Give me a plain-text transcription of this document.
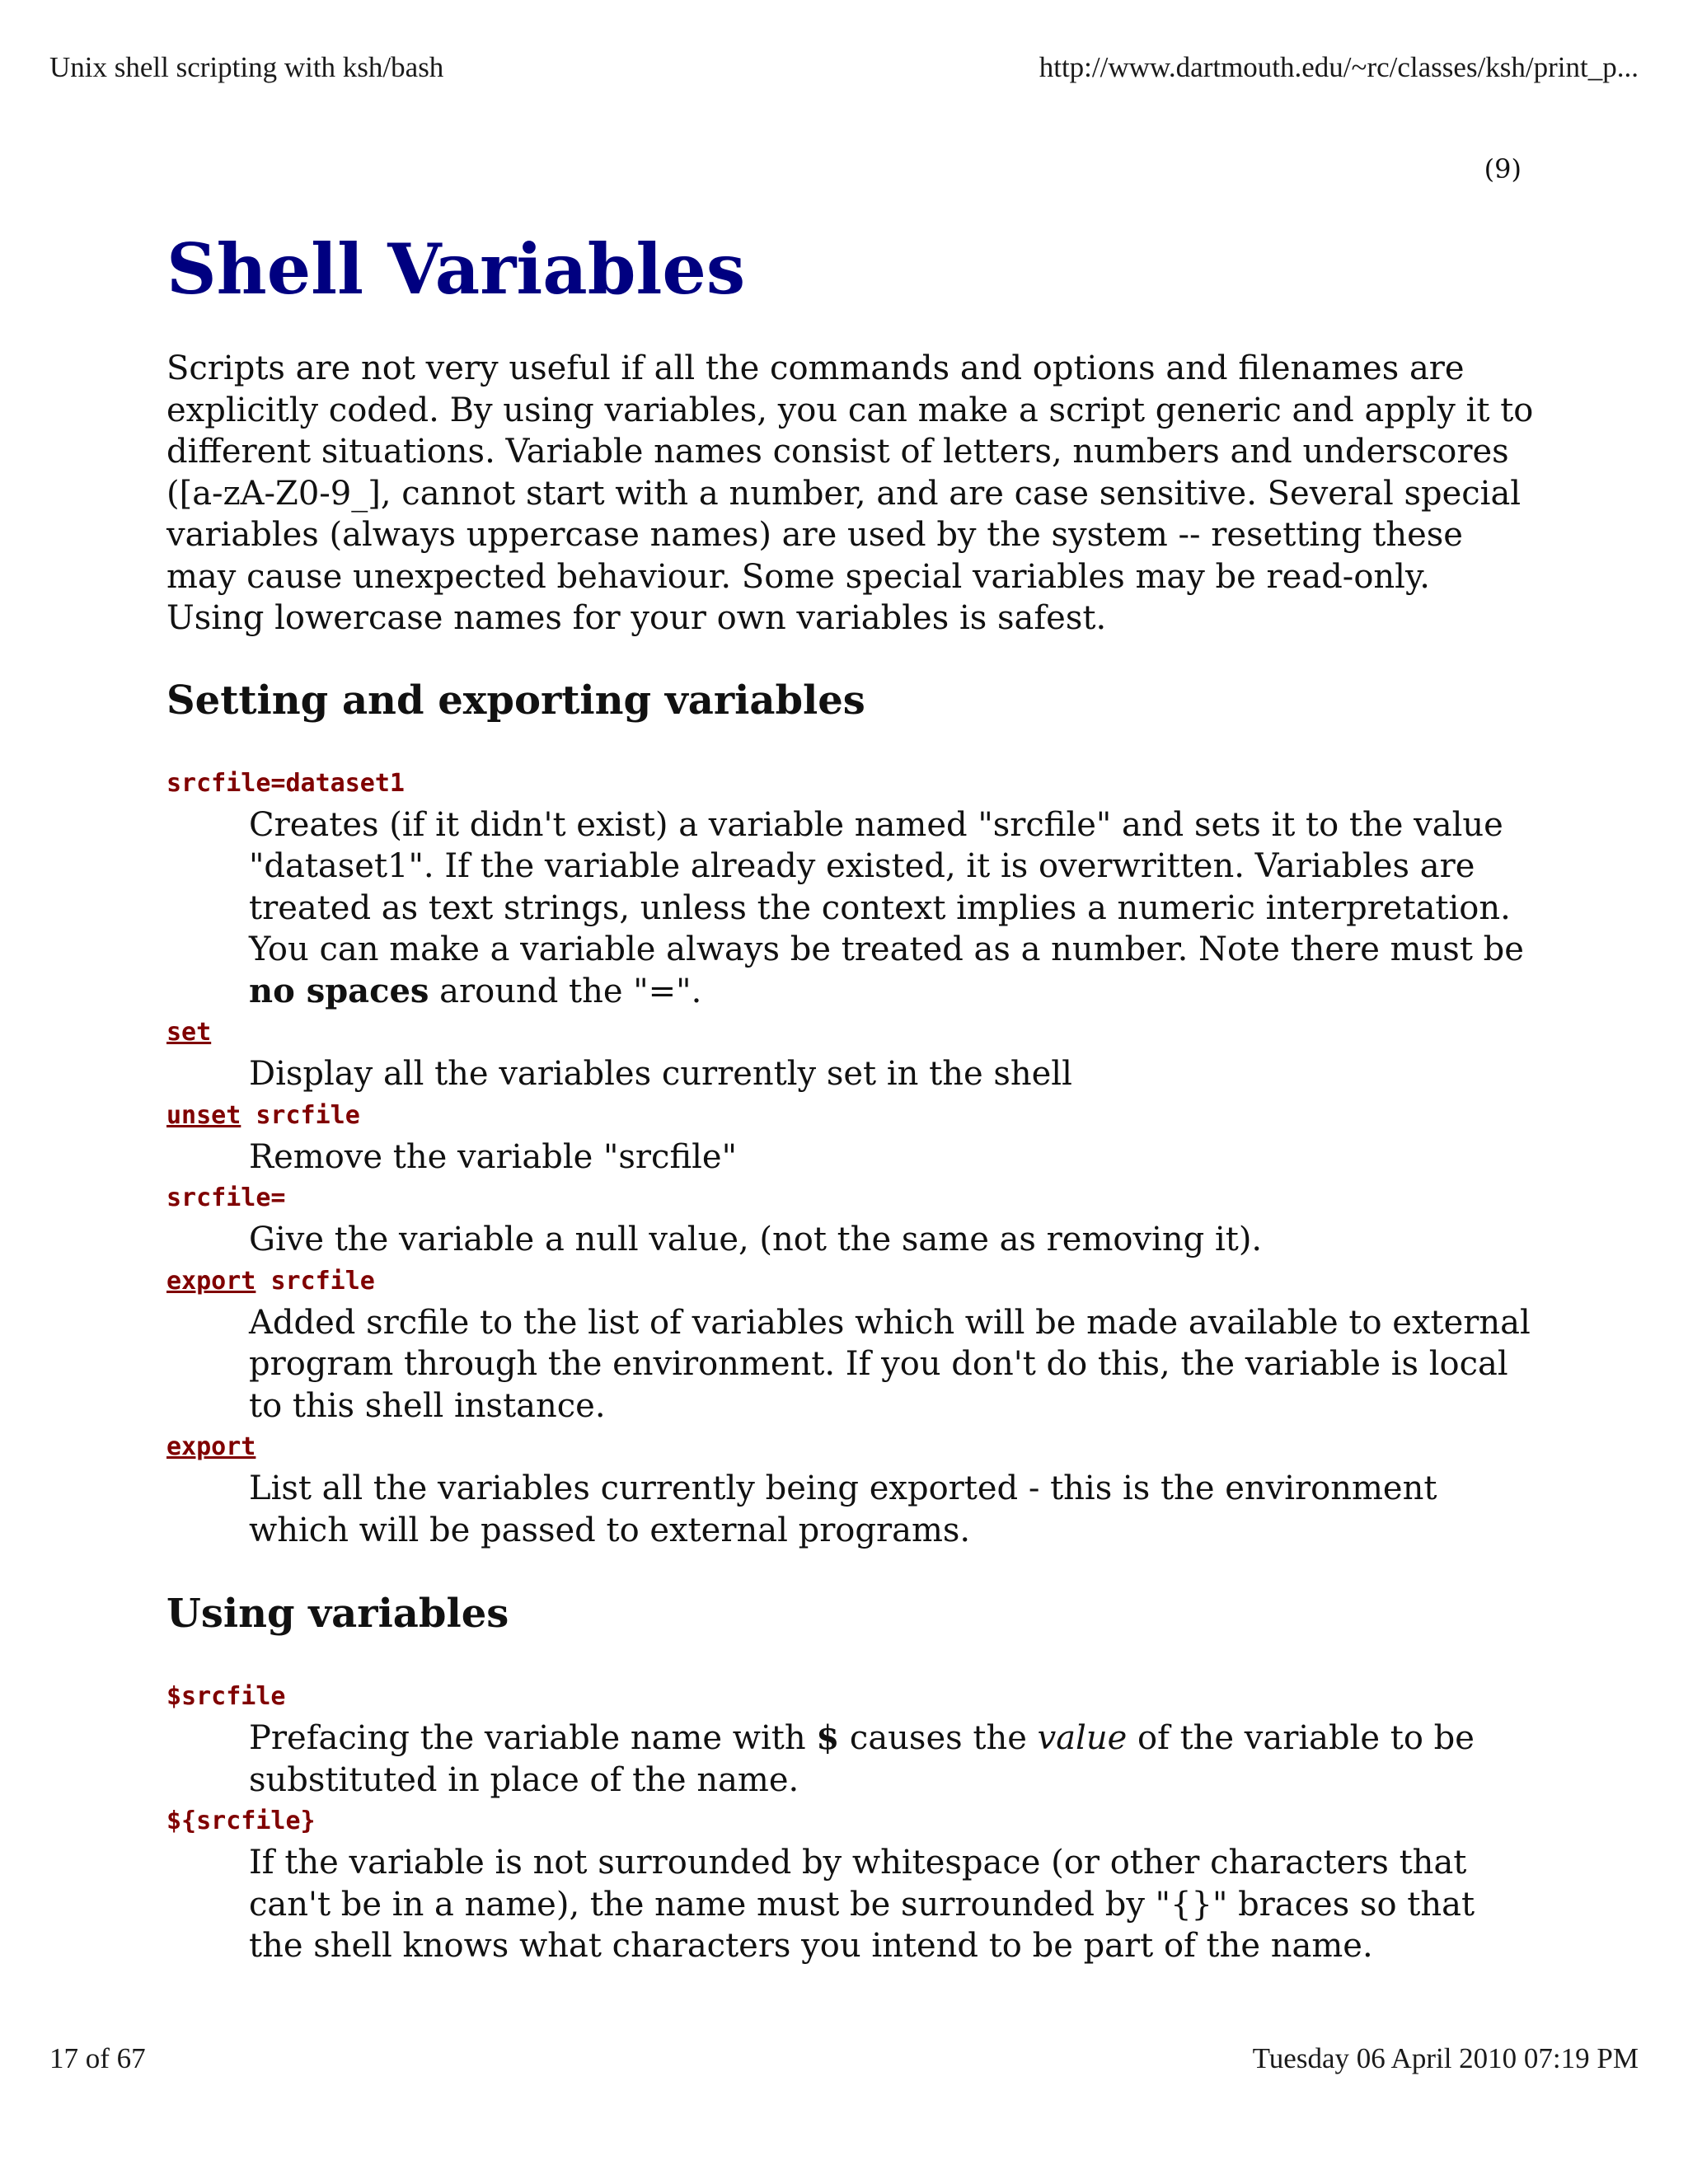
Unix shell scripting with ksh/bash	http://www.dartmouth.edu/~rc/classes/ksh/print_p...
(9)
Shell Variables

Scripts are not very useful if all the commands and options and filenames are explicitly coded. By using variables, you can make a script generic and apply it to different situations. Variable names consist of letters, numbers and underscores ([a-zA-Z0-9_], cannot start with a number, and are case sensitive. Several special variables (always uppercase names) are used by the system -- resetting these may cause unexpected behaviour. Some special variables may be read-only. Using lowercase names for your own variables is safest.

Setting and exporting variables
srcfile=dataset1
Creates (if it didn't exist) a variable named "srcfile" and sets it to the value "dataset1". If the variable already existed, it is overwritten. Variables are treated as text strings, unless the context implies a numeric interpretation. You can make a variable always be treated as a number. Note there must be no spaces around the "=".
set
Display all the variables currently set in the shell
unset srcfile
Remove the variable "srcfile"
srcfile=
Give the variable a null value, (not the same as removing it).
export srcfile
Added srcfile to the list of variables which will be made available to external program through the environment. If you don't do this, the variable is local to this shell instance.
export
List all the variables currently being exported - this is the environment which will be passed to external programs.
Using variables
$srcfile
Prefacing the variable name with $ causes the value of the variable to be substituted in place of the name.
${srcfile}
If the variable is not surrounded by whitespace (or other characters that can't be in a name), the name must be surrounded by "{}" braces so that the shell knows what characters you intend to be part of the name.
17 of 67	Tuesday 06 April 2010 07:19 PM
